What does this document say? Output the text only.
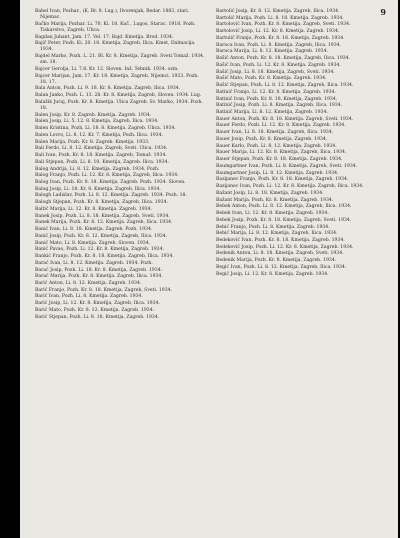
9

Babel Ivan, Pozhar., (K. Br. 8. Lug.), Ilvorenjak, Redar. 1883, stari. Nijemac.

Bačko Marija, Pozhar. Li. 70. Ki. 18. Kuč., Lugos, Starac. 1918. Pozh. Tiskarstvo, Zagreb, Ulica.

Bagdan Juhant, Jam. 17. Vel. 17. Bajd. Kmetija. Brod. 1934.

Bajič Peter, Pozh. Ki. 20. 18. Kmetija, Zagreb, Ilica. Kmet, Dalmacija. 1934.

Bajdel Marko, Pozh. L. 21. Bl. Kr. 8. Kmetija, Zagreb. Sveti Tomaž. 1934. sm. 18.

Bajcer Gerolja, Li. 7.8. Kr. 12. Sloven. Inž. Tehnik. 1934. ozm.

Bajcer Marijan, Jam. 17. Kr. 18. Kmetija, Zagreb, Nijemci. 1933. Pozh. 18. 17.

Bala Anton, Pozh. Li. 9. 18. Kr. 8. Kmetija. Zagreb, Ilica. 1934.

Balan Janko, Pozh. L. 13. 28. Kr. 8. Kmetija, Zagreb, Sloven. 1934. Lug.

Balažik Juraj, Pozh. Kr. 8. Kmetija. Ulica Zagreb. Sv. Marko, 1934. Pozh. 18.

Balen Josip, Kr. 8. Zagreb. Kmetija. Zagreb. 1934.

Balen Josip, Li. 5. 12. 8. Kmetija, Zagreb, Ilica. 1934.

Balen Kristina, Pozh. Li. 18. 8. Kmetija. Zagreb. Ulica. 1934.

Balen Lovro, Li. 8. 12. Kr. 7. Kmetija, Pozh. Ilica. 1934.

Balen Marija, Pozh. Kr. 8. Zagreb. Kmetija. 1933.

Bali Ferdo, Li. 8. 12. Kmetija. Zagreb, Sveti. Ulica. 1934.

Bali Ivan, Pozh. Kr. 8. 18. Kmetija. Zagreb, Tomaž. 1934.

Bali Stjepan, Pozh. Li. 8. 10. Kmetija, Zagreb. Ilica. 1934.

Balog Andrija, Li. 8. 12. Kmetija. Zagreb. 1934. Pozh.

Balog Franjo, Pozh. Li. 12. Kr. 8. Kmetija, Zagreb, Ilica. 1934.

Balog Ivan, Pozh. Kr. 8. 18. Kmetija. Zagreb. Pozh. 1934. Sloven.

Balog Josip, Li. 18. Kr. 8. Kmetija, Zagreb, Ilica. 1934.

Balogh Ladislav, Pozh. Li. 8. 12. Kmetija. Zagreb. 1934. Pozh. 18.

Balogh Stjepan, Pozh. Kr. 8. Kmetija, Zagreb, Ilica. 1934.

Baltić Marija, Li. 12. Kr. 8. Kmetija. Zagreb. 1934.

Banek Josip, Pozh. Li. 8. 18. Kmetija, Zagreb, Sveti. 1934.

Banek Marija, Pozh. Kr. 8. 12. Kmetija. Zagreb, Ilica. 1934.

Banić Ivan, Li. 8. 18. Kmetija. Zagreb. Pozh. 1934.

Banić Josip, Pozh. Kr. 8. 12. Kmetija, Zagreb, Ilica. 1934.

Banić Mato, Li. 8. Kmetija. Zagreb. Sloven. 1934.

Banić Pavao, Pozh. Li. 12. Kr. 8. Kmetija, Zagreb. 1934.

Bankić Franjo, Pozh. Kr. 8. 18. Kmetija. Zagreb, Ilica. 1934.

Barać Ivan, Li. 8. 12. Kmetija. Zagreb. 1934. Pozh.

Barać Josip, Pozh. Li. 18. Kr. 8. Kmetija, Zagreb. 1934.

Barać Marija, Pozh. Kr. 8. Kmetija. Zagreb, Ilica. 1934.

Barić Anton, Li. 8. 12. Kmetija. Zagreb. 1934.

Barić Franjo, Pozh. Kr. 8. 18. Kmetija, Zagreb, Sveti. 1934.

Barić Ivan, Pozh. Li. 8. Kmetija. Zagreb. 1934.

Barić Josip, Li. 12. Kr. 8. Kmetija, Zagreb, Ilica. 1934.

Barić Mato, Pozh. Kr. 8. 12. Kmetija. Zagreb. 1934.

Barić Stjepan, Pozh. Li. 8. 18. Kmetija, Zagreb. 1934.

Bartolić Josip, Kr. 8. 12. Kmetija. Zagreb, Ilica. 1934.

Bartolić Marija, Pozh. Li. 8. 18. Kmetija. Zagreb. 1934.

Bartolović Ivan, Pozh. Kr. 8. Kmetija, Zagreb, Sveti. 1934.

Bartolović Josip, Li. 12. Kr. 8. Kmetija. Zagreb. 1934.

Bartulić Franjo, Pozh. Kr. 8. 18. Kmetija, Zagreb. 1934.

Baruca Ivan, Pozh. Li. 8. Kmetija. Zagreb, Ilica. 1934.

Baruca Marija, Li. 8. 12. Kmetija. Zagreb. 1934.

Bašić Anton, Pozh. Kr. 8. 18. Kmetija, Zagreb, Ilica. 1934.

Bašić Ivan, Pozh. Li. 12. Kr. 8. Kmetija. Zagreb. 1934.

Bašić Josip, Li. 8. 18. Kmetija, Zagreb, Sveti. 1934.

Bašić Mato, Pozh. Kr. 8. Kmetija. Zagreb. 1934.

Bašić Stjepan, Pozh. Li. 8. 12. Kmetija, Zagreb, Ilica. 1934.

Batinić Franjo, Li. 12. Kr. 8. Kmetija. Zagreb. 1934.

Batinić Ivan, Pozh. Kr. 8. 18. Kmetija, Zagreb. 1934.

Batinić Josip, Pozh. Li. 8. Kmetija. Zagreb, Ilica. 1934.

Batinić Marija, Li. 8. 12. Kmetija, Zagreb. 1934.

Bauer Anton, Pozh. Kr. 8. 18. Kmetija. Zagreb, Sveti. 1934.

Bauer Ferdo, Pozh. Li. 12. Kr. 8. Kmetija, Zagreb. 1934.

Bauer Ivan, Li. 8. 18. Kmetija. Zagreb, Ilica. 1934.

Bauer Josip, Pozh. Kr. 8. Kmetija, Zagreb. 1934.

Bauer Karlo, Pozh. Li. 8. 12. Kmetija. Zagreb. 1934.

Bauer Marija, Li. 12. Kr. 8. Kmetija, Zagreb, Ilica. 1934.

Bauer Stjepan, Pozh. Kr. 8. 18. Kmetija. Zagreb. 1934.

Baumgartner Ivan, Pozh. Li. 8. Kmetija, Zagreb, Sveti. 1934.

Baumgartner Josip, Li. 8. 12. Kmetija. Zagreb. 1934.

Bazijanec Franjo, Pozh. Kr. 8. 18. Kmetija, Zagreb. 1934.

Bazijanec Ivan, Pozh. Li. 12. Kr. 8. Kmetija. Zagreb, Ilica. 1934.

Bažant Josip, Li. 8. 18. Kmetija, Zagreb. 1934.

Bažant Marija, Pozh. Kr. 8. Kmetija. Zagreb. 1934.

Bebek Anton, Pozh. Li. 8. 12. Kmetija, Zagreb, Ilica. 1934.

Bebek Ivan, Li. 12. Kr. 8. Kmetija. Zagreb. 1934.

Bebek Josip, Pozh. Kr. 8. 18. Kmetija, Zagreb, Sveti. 1934.

Bebić Franjo, Pozh. Li. 8. Kmetija. Zagreb. 1934.

Bebić Marija, Li. 8. 12. Kmetija, Zagreb, Ilica. 1934.

Bedeković Ivan, Pozh. Kr. 8. 18. Kmetija. Zagreb. 1934.

Bedeković Josip, Pozh. Li. 12. Kr. 8. Kmetija, Zagreb. 1934.

Bedenik Anton, Li. 8. 18. Kmetija. Zagreb, Sveti. 1934.

Bedenik Marija, Pozh. Kr. 8. Kmetija, Zagreb. 1934.

Begić Ivan, Pozh. Li. 8. 12. Kmetija. Zagreb, Ilica. 1934.

Begić Josip, Li. 12. Kr. 8. Kmetija, Zagreb. 1934.
